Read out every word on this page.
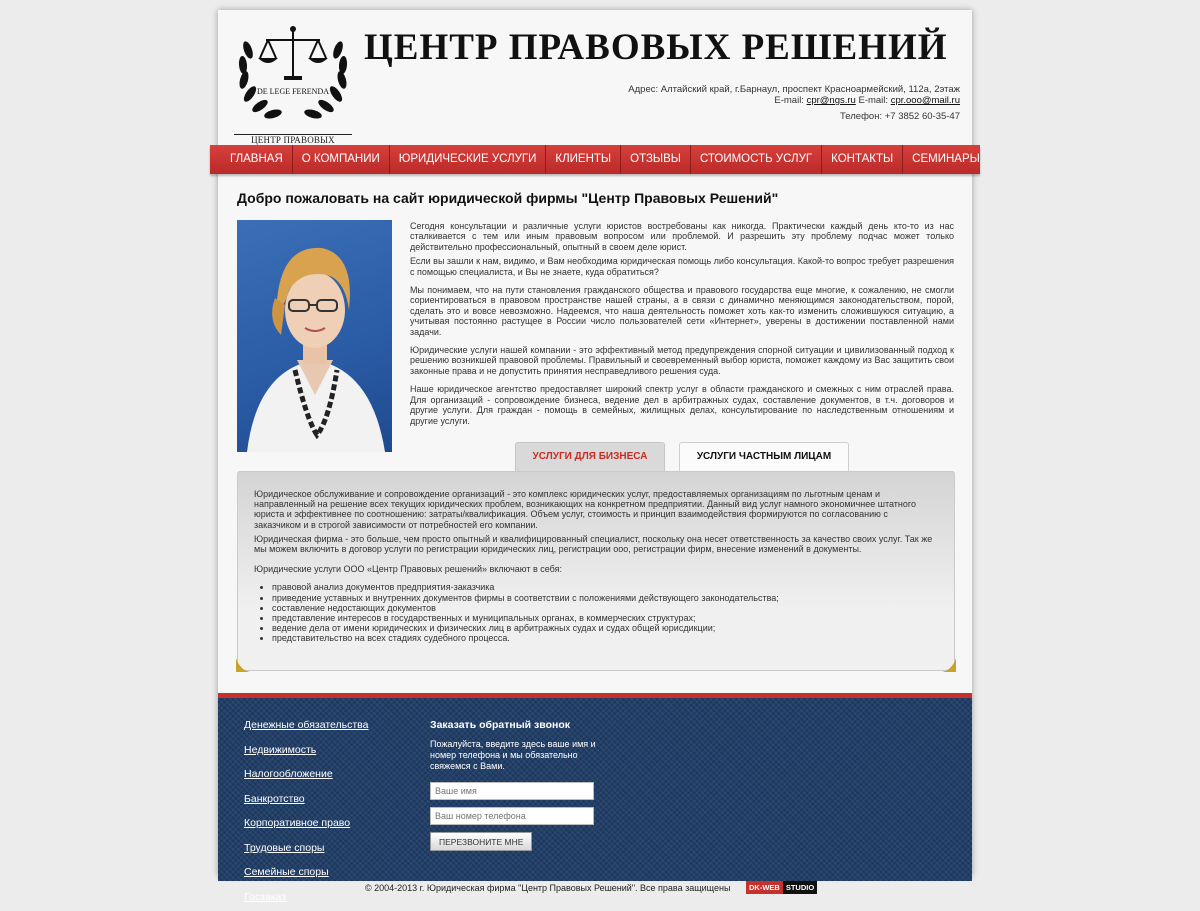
DE LEGE FERENDA
ЦЕНТР ПРАВОВЫХ
ЦЕНТР ПРАВОВЫХ РЕШЕНИЙ
Адрес: Алтайский край, г.Барнаул, проспект Красноармейский, 112а, 2этаж
E-mail: cpr@ngs.ru E-mail: cpr.ooo@mail.ru
Телефон: +7 3852 60-35-47
ГЛАВНАЯ	О КОМПАНИИ	ЮРИДИЧЕСКИЕ УСЛУГИ	КЛИЕНТЫ	ОТЗЫВЫ	СТОИМОСТЬ УСЛУГ	КОНТАКТЫ	СЕМИНАРЫ
Добро пожаловать на сайт юридической фирмы "Центр Правовых Решений"

Сегодня консультации и различные услуги юристов востребованы как никогда. Практически каждый день кто-то из нас сталкивается с тем или иным правовым вопросом или проблемой. И разрешить эту проблему подчас может только действительно профессиональный, опытный в своем деле юрист.

Если вы зашли к нам, видимо, и Вам необходима юридическая помощь либо консультация. Какой-то вопрос требует разрешения с помощью специалиста, и Вы не знаете, куда обратиться?

Мы понимаем, что на пути становления гражданского общества и правового государства еще многие, к сожалению, не смогли сориентироваться в правовом пространстве нашей страны, а в связи с динамично меняющимся законодательством, порой, сделать это и вовсе невозможно. Надеемся, что наша деятельность поможет хоть как-то изменить сложившуюся ситуацию, а учитывая постоянно растущее в России число пользователей сети «Интернет», уверены в достижении поставленной нами задачи.

Юридические услуги нашей компании - это эффективный метод предупреждения спорной ситуации и цивилизованный подход к решению возникшей правовой проблемы. Правильный и своевременный выбор юриста, поможет каждому из Вас защитить свои законные права и не допустить принятия несправедливого решения суда.

Наше юридическое агентство предоставляет широкий спектр услуг в области гражданского и смежных с ним отраслей права. Для организаций - сопровождение бизнеса, ведение дел в арбитражных судах, составление документов, в т.ч. договоров и другие услуги. Для граждан - помощь в семейных, жилищных делах, консультирование по наследственным отношениям и другие услуги.

УСЛУГИ ДЛЯ БИЗНЕСА	УСЛУГИ ЧАСТНЫМ ЛИЦАМ

Юридическое обслуживание и сопровождение организаций - это комплекс юридических услуг, предоставляемых организациям по льготным ценам и направленный на решение всех текущих юридических проблем, возникающих на конкретном предприятии. Данный вид услуг намного экономичнее штатного юриста и эффективнее по соотношению: затраты/квалификация. Объем услуг, стоимость и принцип взаимодействия формируются по согласованию с заказчиком и в строгой зависимости от потребностей его компании.

Юридическая фирма - это больше, чем просто опытный и квалифицированный специалист, поскольку она несет ответственность за качество своих услуг. Так же мы можем включить в договор услуги по регистрации юридических лиц, регистрации ооо, регистрации фирм, внесение изменений в документы.

Юридические услуги ООО «Центр Правовых решений» включают в себя:

• правовой анализ документов предприятия-заказчика
• приведение уставных и внутренних документов фирмы в соответствии с положениями действующего законодательства;
• составление недостающих документов
• представление интересов в государственных и муниципальных органах, в коммерческих структурах;
• ведение дела от имени юридических и физических лиц в арбитражных судах и судах общей юрисдикции;
• представительство на всех стадиях судебного процесса.
Денежные обязательства
Недвижимость
Налогообложение
Банкротство
Корпоративное право
Трудовые споры
Семейные споры
Госзаказ
Заказать обратный звонок
Пожалуйста, введите здесь ваше имя и номер телефона и мы обязательно свяжемся с Вами.
Ваше имя
Ваш номер телефона
ПЕРЕЗВОНИТЕ МНЕ
© 2004-2013 г. Юридическая фирма "Центр Правовых Решений". Все права защищены	DK-WEB STUDIO
